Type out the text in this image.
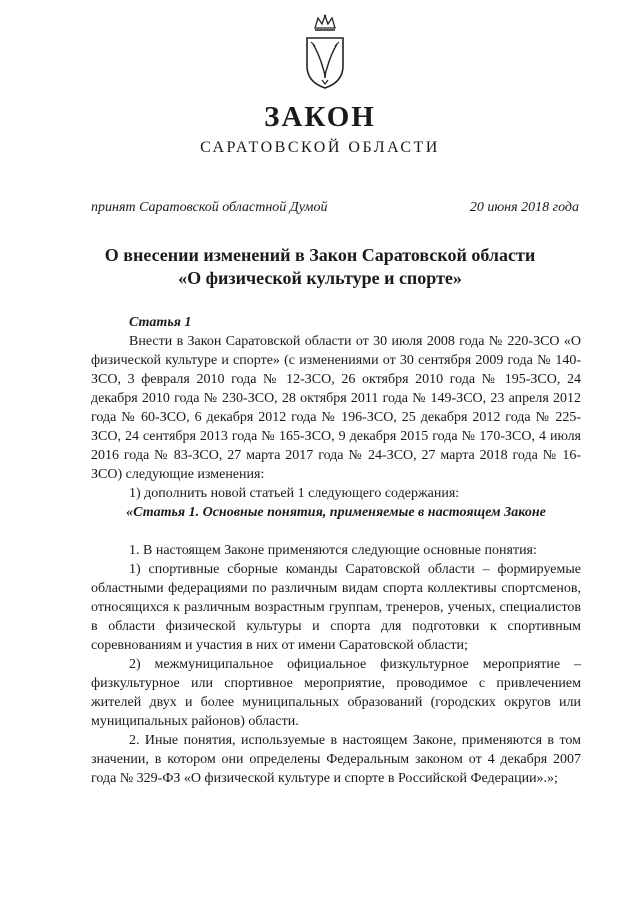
ЗАКОН
САРАТОВСКОЙ ОБЛАСТИ
принят Саратовской областной Думой	20 июня 2018 года
О внесении изменений в Закон Саратовской области
«О физической культуре и спорте»
Статья 1

Внести в Закон Саратовской области от 30 июля 2008 года № 220-ЗСО «О физической культуре и спорте» (с изменениями от 30 сентября 2009 года № 140-ЗСО, 3 февраля 2010 года № 12-ЗСО, 26 октября 2010 года № 195-ЗСО, 24 декабря 2010 года № 230-ЗСО, 28 октября 2011 года № 149-ЗСО, 23 апреля 2012 года № 60-ЗСО, 6 декабря 2012 года № 196-ЗСО, 25 декабря 2012 года № 225-ЗСО, 24 сентября 2013 года № 165-ЗСО, 9 декабря 2015 года № 170-ЗСО, 4 июля 2016 года № 83-ЗСО, 27 марта 2017 года № 24-ЗСО, 27 марта 2018 года № 16-ЗСО) следующие изменения:

1) дополнить новой статьей 1 следующего содержания:

«Статья 1. Основные понятия, применяемые в настоящем Законе

1. В настоящем Законе применяются следующие основные понятия:

1) спортивные сборные команды Саратовской области – формируемые областными федерациями по различным видам спорта коллективы спортсменов, относящихся к различным возрастным группам, тренеров, ученых, специалистов в области физической культуры и спорта для подготовки к спортивным соревнованиям и участия в них от имени Саратовской области;

2) межмуниципальное официальное физкультурное мероприятие – физкультурное или спортивное мероприятие, проводимое с привлечением жителей двух и более муниципальных образований (городских округов или муниципальных районов) области.

2. Иные понятия, используемые в настоящем Законе, применяются в том значении, в котором они определены Федеральным законом от 4 декабря 2007 года № 329-ФЗ «О физической культуре и спорте в Российской Федерации».»;
